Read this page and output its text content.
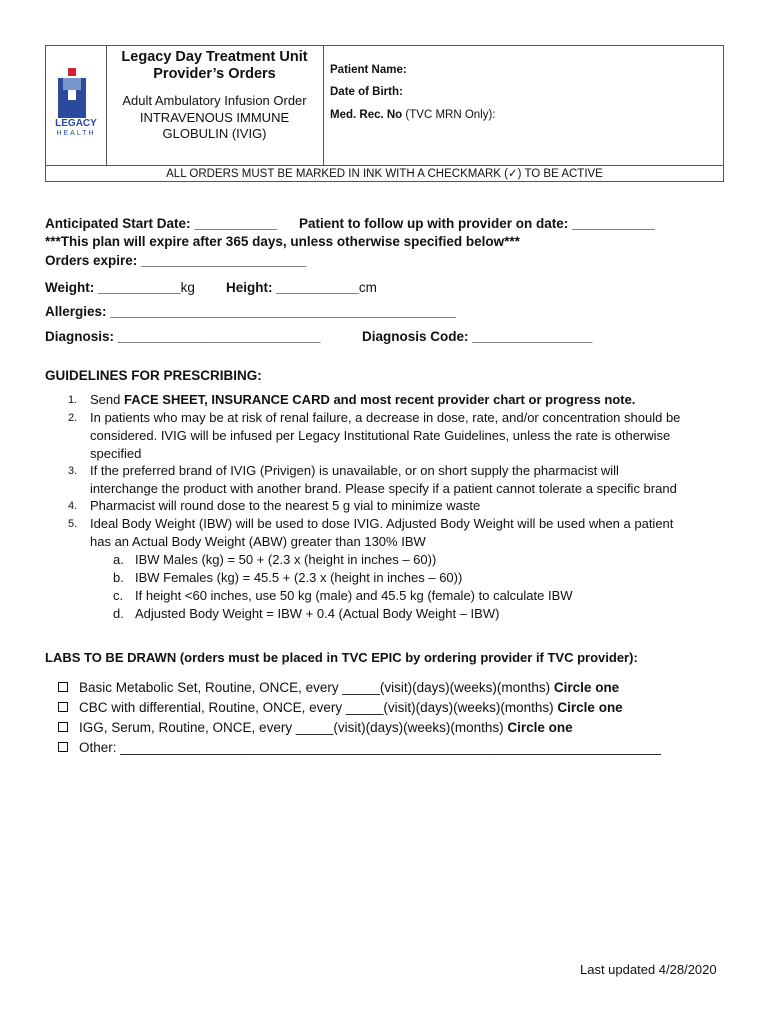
LEGACY
HEALTH
Legacy Day Treatment Unit
Provider’s Orders
Adult Ambulatory Infusion Order
INTRAVENOUS IMMUNE
GLOBULIN (IVIG)
Patient Name:
Date of Birth:
Med. Rec. No (TVC MRN Only):
ALL ORDERS MUST BE MARKED IN INK WITH A CHECKMARK (✓) TO BE ACTIVE
Anticipated Start Date: ___________ Patient to follow up with provider on date: ___________
***This plan will expire after 365 days, unless otherwise specified below***
Orders expire: ______________________
Weight: ___________kg Height: ___________cm
Allergies: ______________________________________________
Diagnosis: ___________________________	Diagnosis Code: ________________
GUIDELINES FOR PRESCRIBING:
1. Send FACE SHEET, INSURANCE CARD and most recent provider chart or progress note.
2. In patients who may be at risk of renal failure, a decrease in dose, rate, and/or concentration should be
considered. IVIG will be infused per Legacy Institutional Rate Guidelines, unless the rate is otherwise
specified
3. If the preferred brand of IVIG (Privigen) is unavailable, or on short supply the pharmacist will
interchange the product with another brand. Please specify if a patient cannot tolerate a specific brand
4. Pharmacist will round dose to the nearest 5 g vial to minimize waste
5. Ideal Body Weight (IBW) will be used to dose IVIG. Adjusted Body Weight will be used when a patient
has an Actual Body Weight (ABW) greater than 130% IBW
a. IBW Males (kg) = 50 + (2.3 x (height in inches – 60))
b. IBW Females (kg) = 45.5 + (2.3 x (height in inches – 60))
c. If height <60 inches, use 50 kg (male) and 45.5 kg (female) to calculate IBW
d. Adjusted Body Weight = IBW + 0.4 (Actual Body Weight – IBW)
LABS TO BE DRAWN (orders must be placed in TVC EPIC by ordering provider if TVC provider):
Basic Metabolic Set, Routine, ONCE, every _____(visit)(days)(weeks)(months) Circle one
CBC with differential, Routine, ONCE, every _____(visit)(days)(weeks)(months) Circle one
IGG, Serum, Routine, ONCE, every _____(visit)(days)(weeks)(months) Circle one
Other: ________________________________________________________________________
Last updated 4/28/2020
